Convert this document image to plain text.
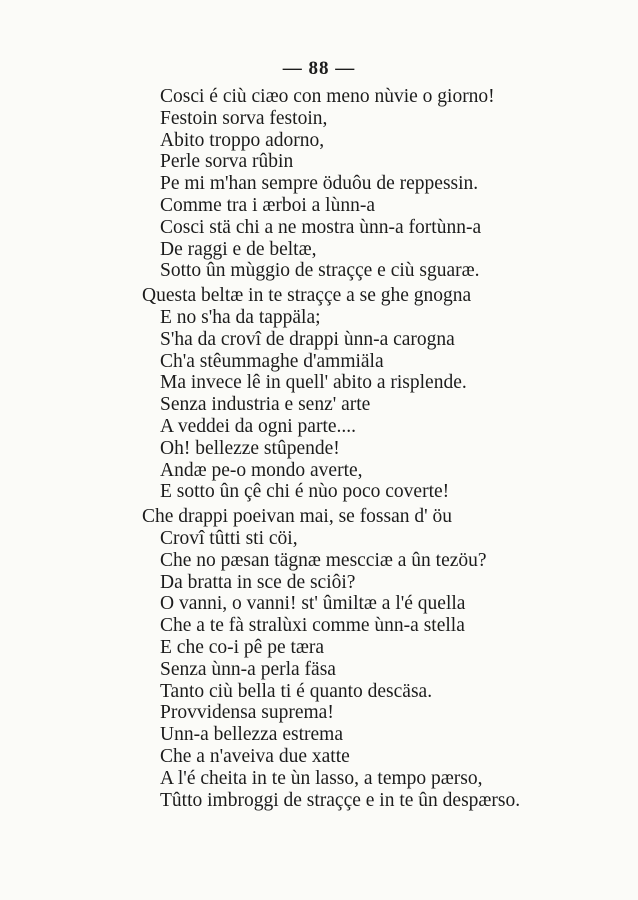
— 88 —
Cosci é ciù ciæo con meno nùvie o giorno!
Festoin sorva festoin,
Abito troppo adorno,
Perle sorva rûbin
Pe mi m'han sempre öduôu de reppessin.
Comme tra i ærboi a lùnn-a
Cosci stä chi a ne mostra ùnn-a fortùnn-a
De raggi e de beltæ,
Sotto ûn mùggio de straççe e ciù sguaræ.
Questa beltæ in te straççe a se ghe gnogna
E no s'ha da tappäla;
S'ha da crovî de drappi ùnn-a carogna
Ch'a stêummaghe d'ammiäla
Ma invece lê in quell' abito a risplende.
Senza industria e senz' arte
A veddei da ogni parte....
Oh! bellezze stûpende!
Andæ pe-o mondo averte,
E sotto ûn çê chi é nùo poco coverte!
Che drappi poeivan mai, se fossan d' öu
Crovî tûtti sti cöi,
Che no pæsan tägnæ mescciæ a ûn tezöu?
Da bratta in sce de sciôi?
O vanni, o vanni! st' ûmiltæ a l'é quella
Che a te fà stralùxi comme ùnn-a stella
E che co-i pê pe tæra
Senza ùnn-a perla fäsa
Tanto ciù bella ti é quanto descäsa.
Provvidensa suprema!
Unn-a bellezza estrema
Che a n'aveiva due xatte
A l'é cheita in te ùn lasso, a tempo pærso,
Tûtto imbroggi de straççe e in te ûn despærso.
